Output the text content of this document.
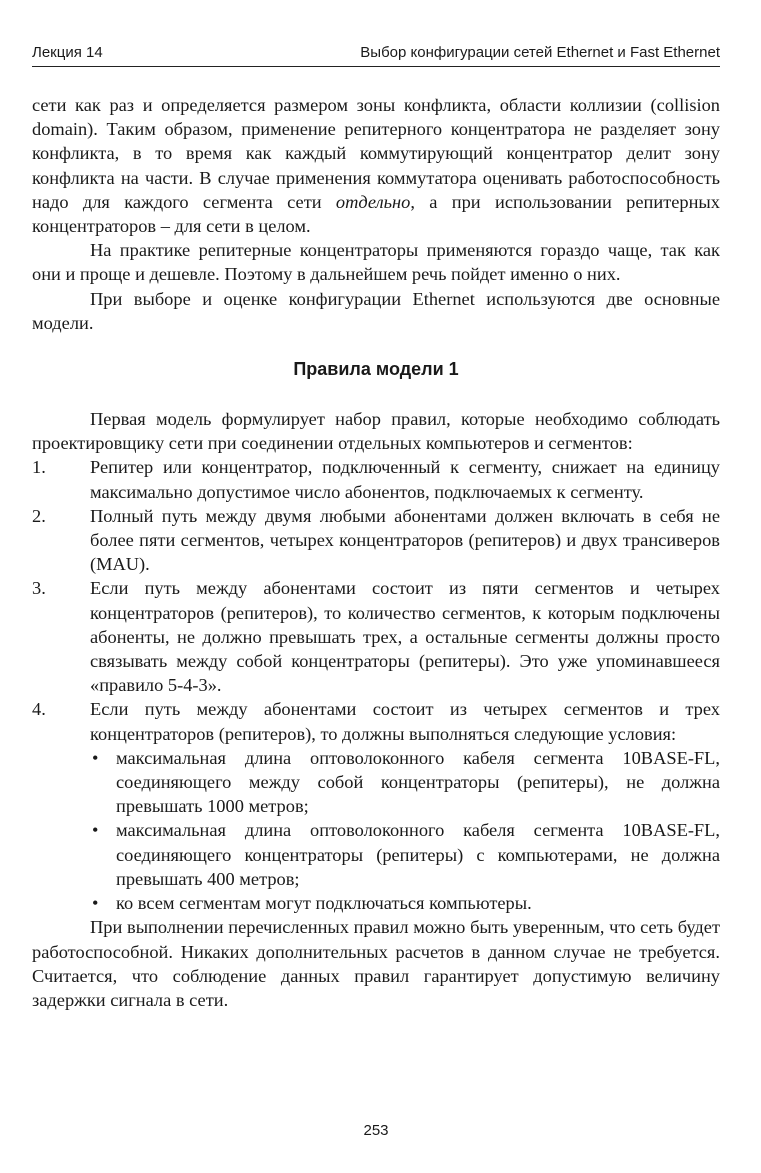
Лекция 14	Выбор конфигурации сетей Ethernet и Fast Ethernet

сети как раз и определяется размером зоны конфликта, области коллизии (collision domain). Таким образом, применение репитерного концентратора не разделяет зону конфликта, в то время как каждый коммутирующий концентратор делит зону конфликта на части. В случае применения коммутатора оценивать работоспособность надо для каждого сегмента сети отдельно, а при использовании репитерных концентраторов – для сети в целом.

На практике репитерные концентраторы применяются гораздо чаще, так как они и проще и дешевле. Поэтому в дальнейшем речь пойдет именно о них.

При выборе и оценке конфигурации Ethernet используются две основные модели.

Правила модели 1

Первая модель формулирует набор правил, которые необходимо соблюдать проектировщику сети при соединении отдельных компьютеров и сегментов:

1. Репитер или концентратор, подключенный к сегменту, снижает на единицу максимально допустимое число абонентов, подключаемых к сегменту.
2. Полный путь между двумя любыми абонентами должен включать в себя не более пяти сегментов, четырех концентраторов (репитеров) и двух трансиверов (MAU).
3. Если путь между абонентами состоит из пяти сегментов и четырех концентраторов (репитеров), то количество сегментов, к которым подключены абоненты, не должно превышать трех, а остальные сегменты должны просто связывать между собой концентраторы (репитеры). Это уже упоминавшееся «правило 5-4-3».
4. Если путь между абонентами состоит из четырех сегментов и трех концентраторов (репитеров), то должны выполняться следующие условия:
• максимальная длина оптоволоконного кабеля сегмента 10BASE-FL, соединяющего между собой концентраторы (репитеры), не должна превышать 1000 метров;
• максимальная длина оптоволоконного кабеля сегмента 10BASE-FL, соединяющего концентраторы (репитеры) с компьютерами, не должна превышать 400 метров;
• ко всем сегментам могут подключаться компьютеры.

При выполнении перечисленных правил можно быть уверенным, что сеть будет работоспособной. Никаких дополнительных расчетов в данном случае не требуется. Считается, что соблюдение данных правил гарантирует допустимую величину задержки сигнала в сети.

253
